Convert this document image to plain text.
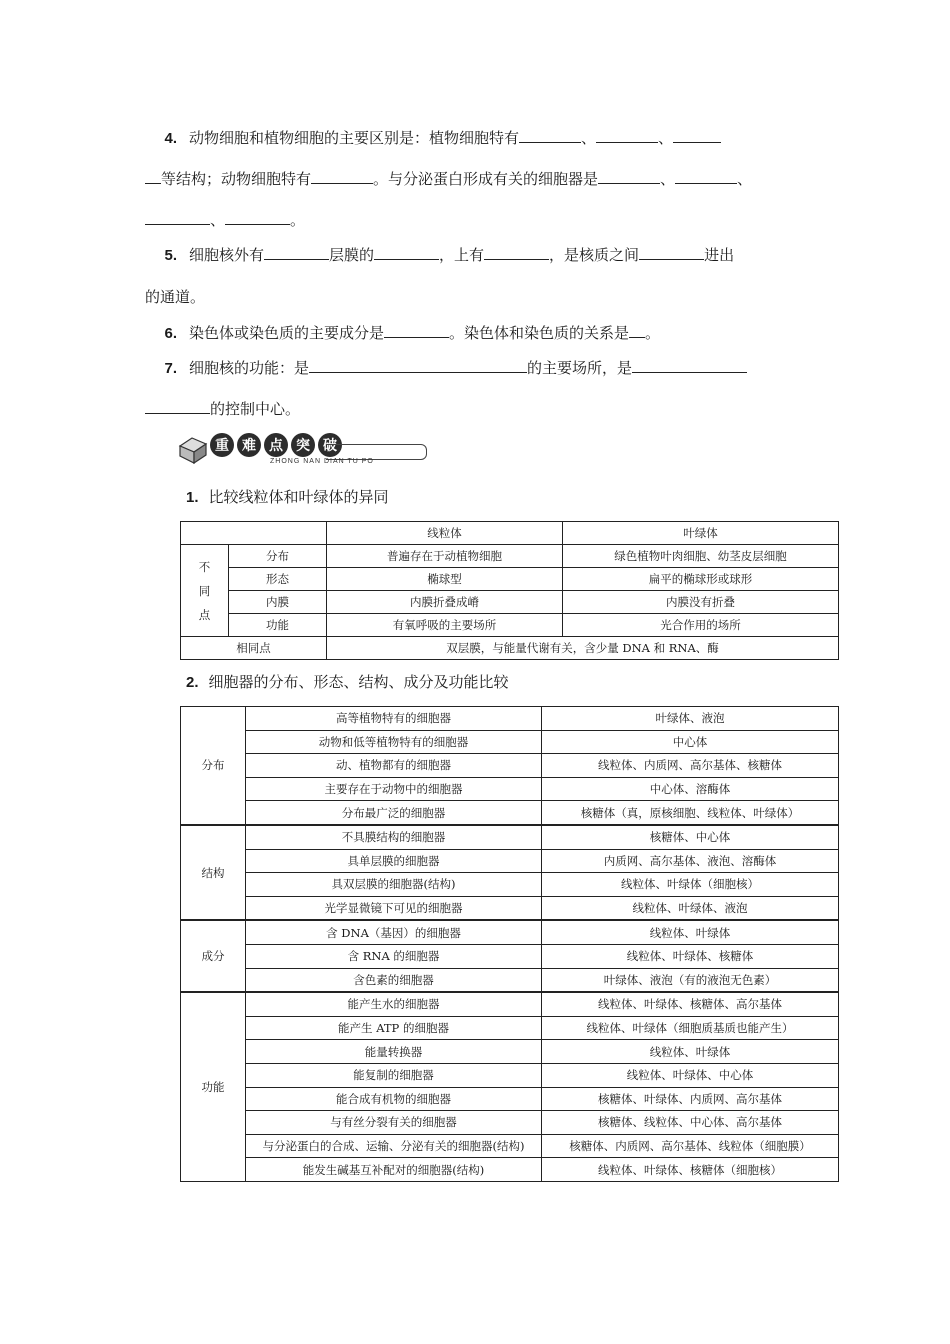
4. 动物细胞和植物细胞的主要区别是：植物细胞特有	、	、
等结构；动物细胞特有	。与分泌蛋白形成有关的细胞器是	、	、
、	。
5. 细胞核外有	层膜的	，上有	，是核质之间	进出
的通道。
6. 染色体或染色质的主要成分是	。染色体和染色质的关系是 。
7. 细胞核的功能：是	的主要场所，是
的控制中心。
重 难 点 突 破
ZHONG NAN DIAN TU PO
1. 比较线粒体和叶绿体的异同
		线粒体	叶绿体
不
同
点	分布	普遍存在于动植物细胞	绿色植物叶肉细胞、幼茎皮层细胞
	形态	椭球型	扁平的椭球形或球形
	内膜	内膜折叠成嵴	内膜没有折叠
	功能	有氧呼吸的主要场所	光合作用的场所
相同点		双层膜，与能量代谢有关，含少量 DNA 和 RNA、酶	
2. 细胞器的分布、形态、结构、成分及功能比较
分布	高等植物特有的细胞器	叶绿体、液泡
	动物和低等植物特有的细胞器	中心体
	动、植物都有的细胞器	线粒体、内质网、高尔基体、核糖体
	主要存在于动物中的细胞器	中心体、溶酶体
	分布最广泛的细胞器	核糖体（真，原核细胞、线粒体、叶绿体）
结构	不具膜结构的细胞器	核糖体、中心体
	具单层膜的细胞器	内质网、高尔基体、液泡、溶酶体
	具双层膜的细胞器(结构)	线粒体、叶绿体（细胞核）
	光学显微镜下可见的细胞器	线粒体、叶绿体、液泡
成分	含 DNA（基因）的细胞器	线粒体、叶绿体
	含 RNA 的细胞器	线粒体、叶绿体、核糖体
	含色素的细胞器	叶绿体、液泡（有的液泡无色素）
功能	能产生水的细胞器	线粒体、叶绿体、核糖体、高尔基体
	能产生 ATP 的细胞器	线粒体、叶绿体（细胞质基质也能产生）
	能量转换器	线粒体、叶绿体
	能复制的细胞器	线粒体、叶绿体、中心体
	能合成有机物的细胞器	核糖体、叶绿体、内质网、高尔基体
	与有丝分裂有关的细胞器	核糖体、线粒体、中心体、高尔基体
	与分泌蛋白的合成、运输、分泌有关的细胞器(结构)	核糖体、内质网、高尔基体、线粒体（细胞膜）
	能发生碱基互补配对的细胞器(结构)	线粒体、叶绿体、核糖体（细胞核）
